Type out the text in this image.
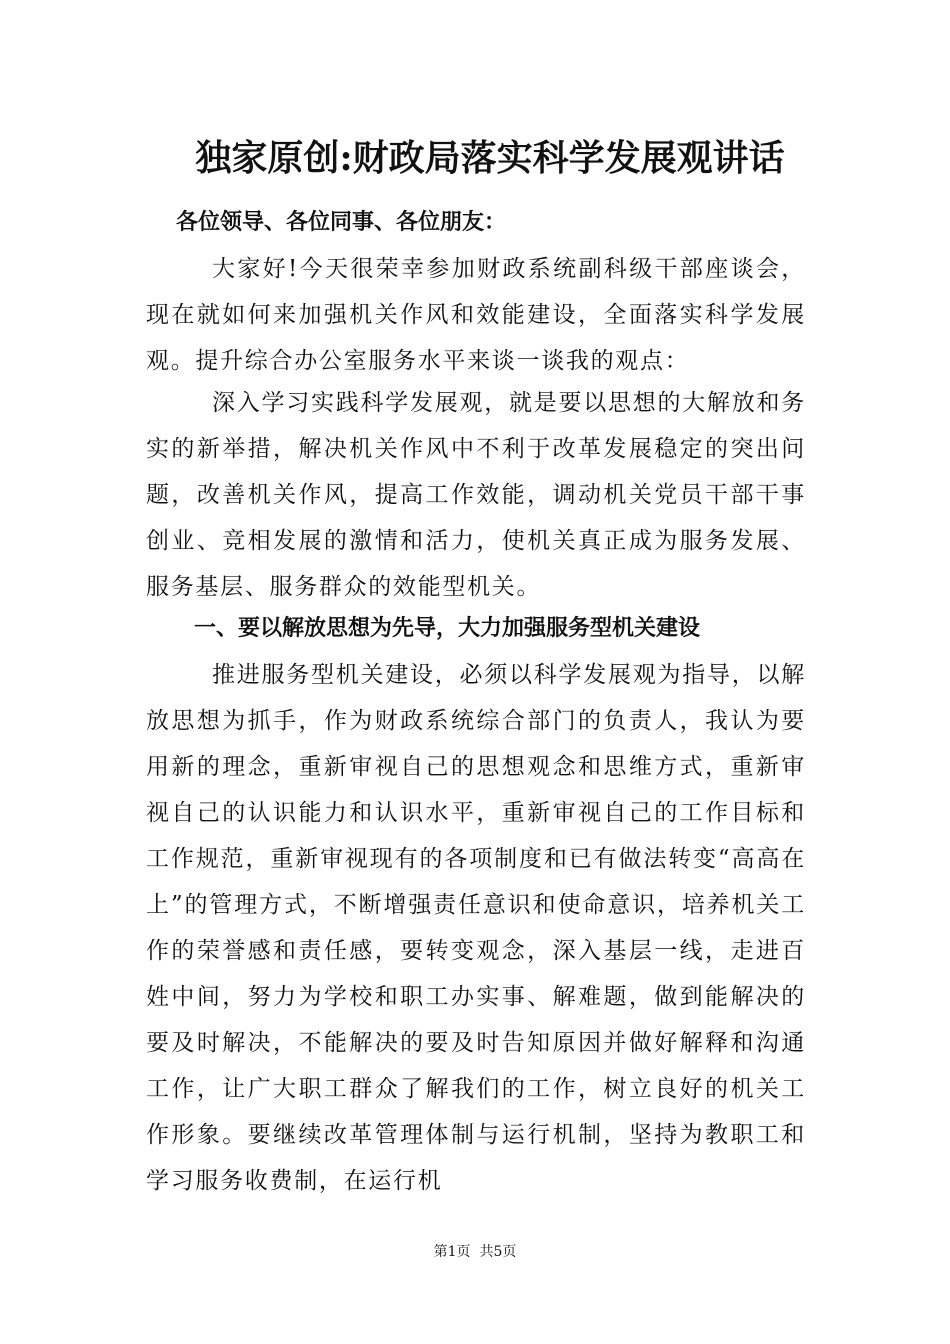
独家原创:财政局落实科学发展观讲话
各位领导、各位同事、各位朋友：

大家好!今天很荣幸参加财政系统副科级干部座谈会，现在就如何来加强机关作风和效能建设，全面落实科学发展观。提升综合办公室服务水平来谈一谈我的观点：

深入学习实践科学发展观，就是要以思想的大解放和务实的新举措，解决机关作风中不利于改革发展稳定的突出问题，改善机关作风，提高工作效能，调动机关党员干部干事创业、竞相发展的激情和活力，使机关真正成为服务发展、服务基层、服务群众的效能型机关。

一、要以解放思想为先导，大力加强服务型机关建设

推进服务型机关建设，必须以科学发展观为指导，以解放思想为抓手，作为财政系统综合部门的负责人，我认为要用新的理念，重新审视自己的思想观念和思维方式，重新审视自己的认识能力和认识水平，重新审视自己的工作目标和工作规范，重新审视现有的各项制度和已有做法转变“高高在上”的管理方式，不断增强责任意识和使命意识，培养机关工作的荣誉感和责任感，要转变观念，深入基层一线，走进百姓中间，努力为学校和职工办实事、解难题，做到能解决的要及时解决，不能解决的要及时告知原因并做好解释和沟通工作，让广大职工群众了解我们的工作，树立良好的机关工作形象。要继续改革管理体制与运行机制，坚持为教职工和学习服务收费制，在运行机

第1页  共5页
